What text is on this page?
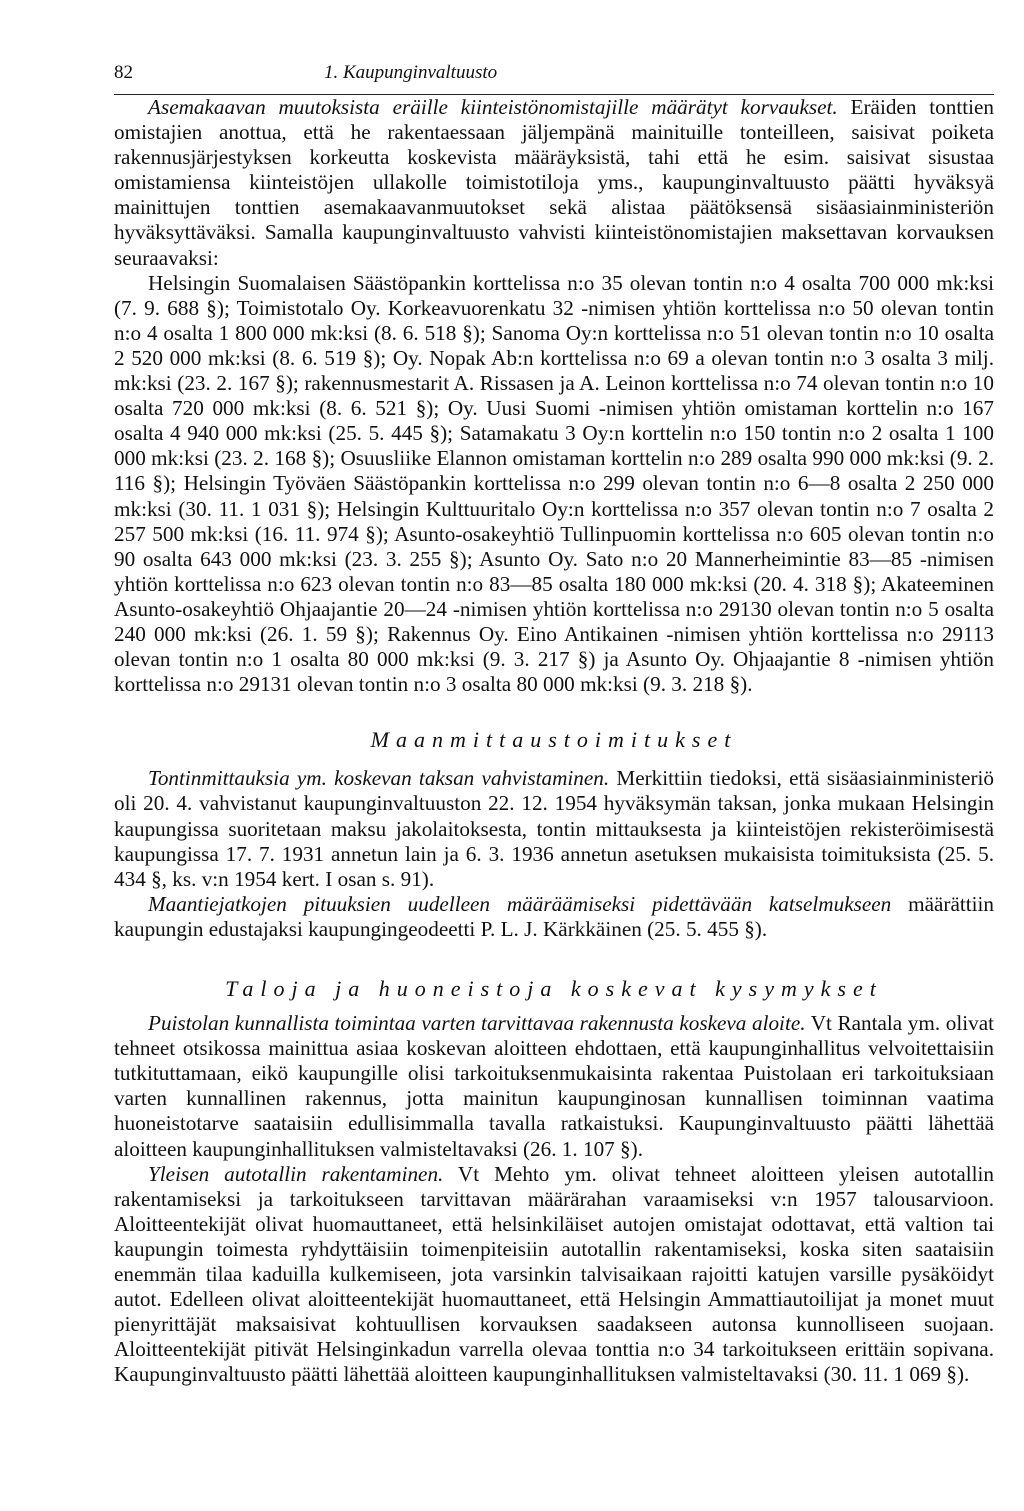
82	1. Kaupunginvaltuusto

Asemakaavan muutoksista eräille kiinteistönomistajille määrätyt korvaukset. Eräiden tonttien omistajien anottua, että he rakentaessaan jäljempänä mainituille tonteilleen, saisivat poiketa rakennusjärjestyksen korkeutta koskevista määräyksistä, tahi että he esim. saisivat sisustaa omistamiensa kiinteistöjen ullakolle toimistotiloja yms., kaupunginvaltuusto päätti hyväksyä mainittujen tonttien asemakaavanmuutokset sekä alistaa päätöksensä sisäasiainministeriön hyväksyttäväksi. Samalla kaupunginvaltuusto vahvisti kiinteistönomistajien maksettavan korvauksen seuraavaksi:

Helsingin Suomalaisen Säästöpankin korttelissa n:o 35 olevan tontin n:o 4 osalta 700 000 mk:ksi (7. 9. 688 §); Toimistotalo Oy. Korkeavuorenkatu 32 -nimisen yhtiön korttelissa n:o 50 olevan tontin n:o 4 osalta 1 800 000 mk:ksi (8. 6. 518 §); Sanoma Oy:n korttelissa n:o 51 olevan tontin n:o 10 osalta 2 520 000 mk:ksi (8. 6. 519 §); Oy. Nopak Ab:n korttelissa n:o 69 a olevan tontin n:o 3 osalta 3 milj. mk:ksi (23. 2. 167 §); rakennusmestarit A. Rissasen ja A. Leinon korttelissa n:o 74 olevan tontin n:o 10 osalta 720 000 mk:ksi (8. 6. 521 §); Oy. Uusi Suomi -nimisen yhtiön omistaman korttelin n:o 167 osalta 4 940 000 mk:ksi (25. 5. 445 §); Satamakatu 3 Oy:n korttelin n:o 150 tontin n:o 2 osalta 1 100 000 mk:ksi (23. 2. 168 §); Osuusliike Elannon omistaman korttelin n:o 289 osalta 990 000 mk:ksi (9. 2. 116 §); Helsingin Työväen Säästöpankin korttelissa n:o 299 olevan tontin n:o 6—8 osalta 2 250 000 mk:ksi (30. 11. 1 031 §); Helsingin Kulttuuritalo Oy:n korttelissa n:o 357 olevan tontin n:o 7 osalta 2 257 500 mk:ksi (16. 11. 974 §); Asunto-osakeyhtiö Tullinpuomin korttelissa n:o 605 olevan tontin n:o 90 osalta 643 000 mk:ksi (23. 3. 255 §); Asunto Oy. Sato n:o 20 Mannerheimintie 83—85 -nimisen yhtiön korttelissa n:o 623 olevan tontin n:o 83—85 osalta 180 000 mk:ksi (20. 4. 318 §); Akateeminen Asunto-osakeyhtiö Ohjaajantie 20—24 -nimisen yhtiön korttelissa n:o 29130 olevan tontin n:o 5 osalta 240 000 mk:ksi (26. 1. 59 §); Rakennus Oy. Eino Antikainen -nimisen yhtiön korttelissa n:o 29113 olevan tontin n:o 1 osalta 80 000 mk:ksi (9. 3. 217 §) ja Asunto Oy. Ohjaajantie 8 -nimisen yhtiön korttelissa n:o 29131 olevan tontin n:o 3 osalta 80 000 mk:ksi (9. 3. 218 §).

Maanmittaustoimitukset

Tontinmittauksia ym. koskevan taksan vahvistaminen. Merkittiin tiedoksi, että sisäasiainministeriö oli 20. 4. vahvistanut kaupunginvaltuuston 22. 12. 1954 hyväksymän taksan, jonka mukaan Helsingin kaupungissa suoritetaan maksu jakolaitoksesta, tontin mittauksesta ja kiinteistöjen rekisteröimisestä kaupungissa 17. 7. 1931 annetun lain ja 6. 3. 1936 annetun asetuksen mukaisista toimituksista (25. 5. 434 §, ks. v:n 1954 kert. I osan s. 91).

Maantiejatkojen pituuksien uudelleen määräämiseksi pidettävään katselmukseen määrättiin kaupungin edustajaksi kaupungingeodeetti P. L. J. Kärkkäinen (25. 5. 455 §).

Taloja ja huoneistoja koskevat kysymykset

Puistolan kunnallista toimintaa varten tarvittavaa rakennusta koskeva aloite. Vt Rantala ym. olivat tehneet otsikossa mainittua asiaa koskevan aloitteen ehdottaen, että kaupunginhallitus velvoitettaisiin tutkituttamaan, eikö kaupungille olisi tarkoituksenmukaisinta rakentaa Puistolaan eri tarkoituksiaan varten kunnallinen rakennus, jotta mainitun kaupunginosan kunnallisen toiminnan vaatima huoneistotarve saataisiin edullisimmalla tavalla ratkaistuksi. Kaupunginvaltuusto päätti lähettää aloitteen kaupunginhallituksen valmisteltavaksi (26. 1. 107 §).

Yleisen autotallin rakentaminen. Vt Mehto ym. olivat tehneet aloitteen yleisen autotallin rakentamiseksi ja tarkoitukseen tarvittavan määrärahan varaamiseksi v:n 1957 talousarvioon. Aloitteentekijät olivat huomauttaneet, että helsinkiläiset autojen omistajat odottavat, että valtion tai kaupungin toimesta ryhdyttäisiin toimenpiteisiin autotallin rakentamiseksi, koska siten saataisiin enemmän tilaa kaduilla kulkemiseen, jota varsinkin talvisaikaan rajoitti katujen varsille pysäköidyt autot. Edelleen olivat aloitteentekijät huomauttaneet, että Helsingin Ammattiautoilijat ja monet muut pienyrittäjät maksaisivat kohtuullisen korvauksen saadakseen autonsa kunnolliseen suojaan. Aloitteentekijät pitivät Helsinginkadun varrella olevaa tonttia n:o 34 tarkoitukseen erittäin sopivana. Kaupunginvaltuusto päätti lähettää aloitteen kaupunginhallituksen valmisteltavaksi (30. 11. 1 069 §).
